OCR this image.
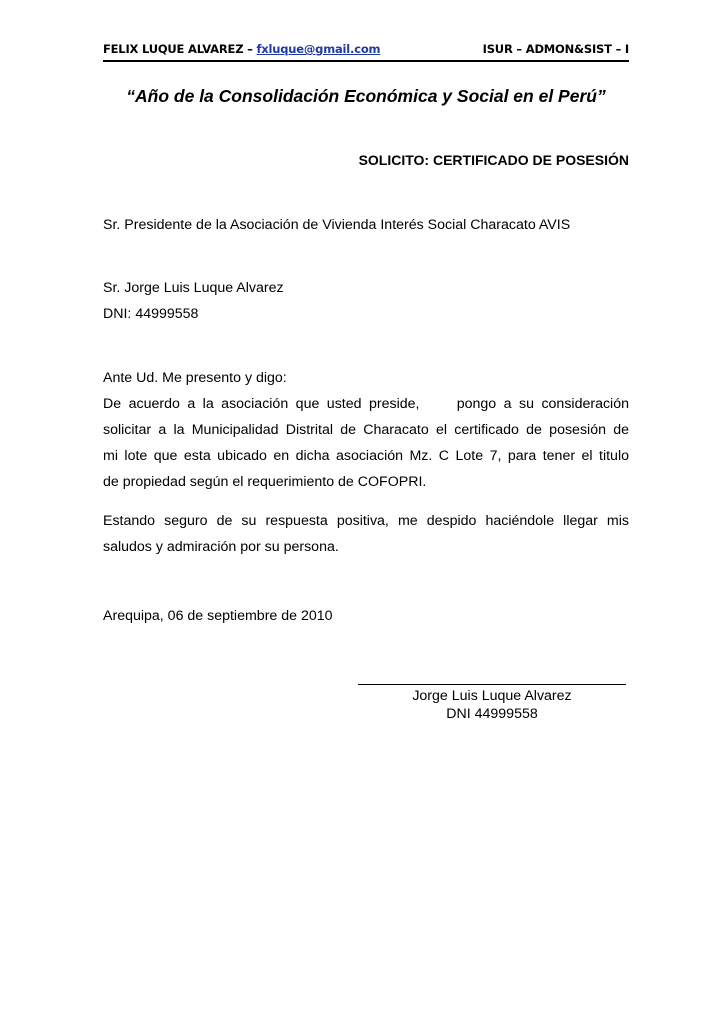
FELIX LUQUE ALVAREZ – fxluque@gmail.com	ISUR – ADMON&SIST – I
“Año de la Consolidación Económica y Social en el Perú”
SOLICITO: CERTIFICADO DE POSESIÓN
Sr. Presidente de la Asociación de Vivienda Interés Social Characato AVIS
Sr. Jorge Luis Luque Alvarez
DNI: 44999558
Ante Ud. Me presento y digo:
De acuerdo a la asociación que usted preside,     pongo a su consideración
solicitar a la Municipalidad Distrital de Characato el certificado de posesión de
mi lote que esta ubicado en dicha asociación Mz. C Lote 7, para tener el titulo
de propiedad según el requerimiento de COFOPRI.
Estando seguro de su respuesta positiva, me despido haciéndole llegar mis
saludos y admiración por su persona.
Arequipa, 06 de septiembre de 2010
Jorge Luis Luque Alvarez
DNI 44999558
